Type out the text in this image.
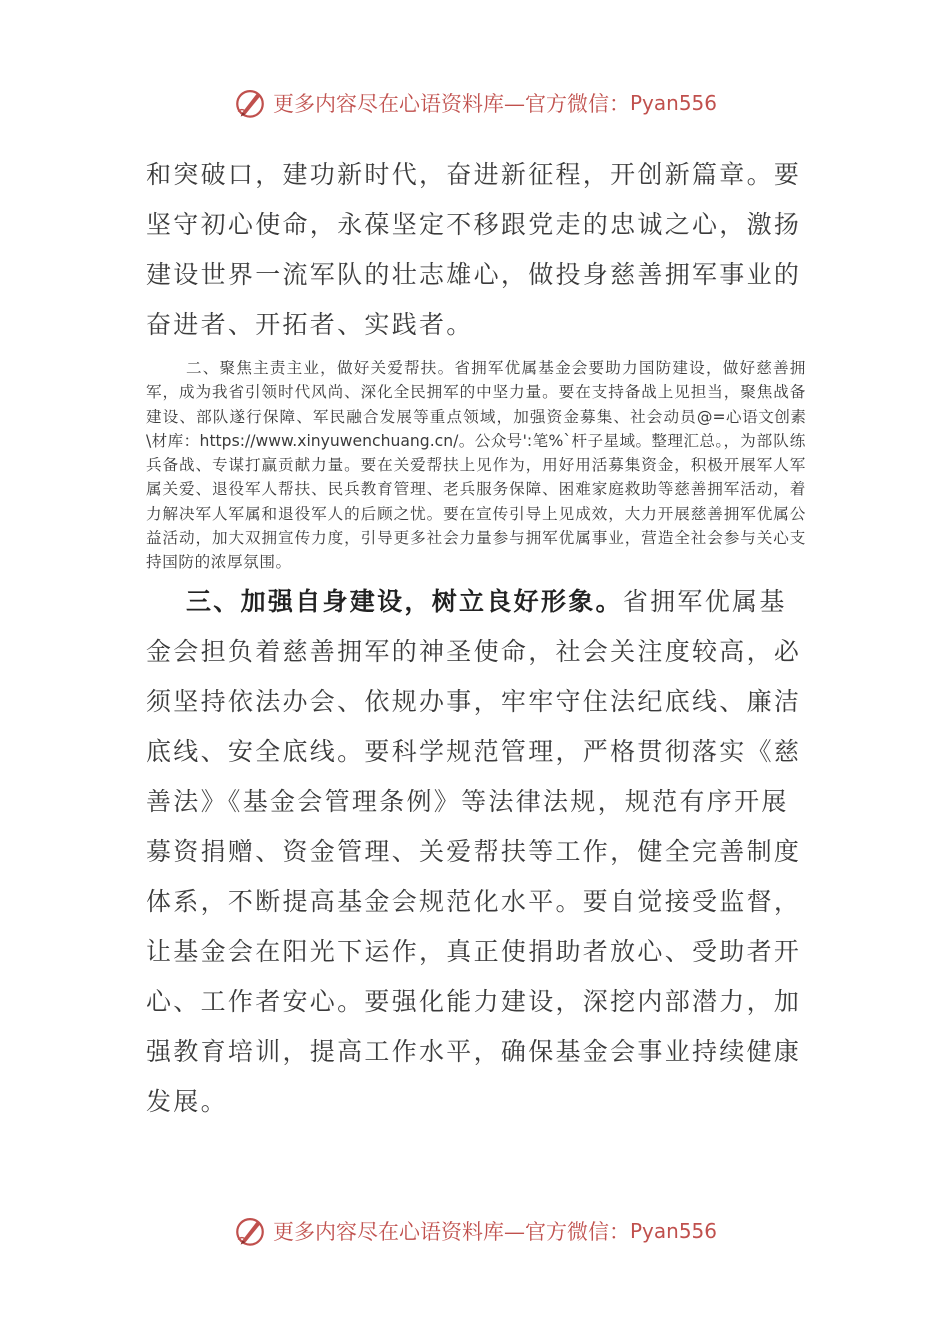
更多内容尽在心语资料库—官方微信： Pyan556

和突破口，建功新时代，奋进新征程，开创新篇章。要坚守初心使命，永葆坚定不移跟党走的忠诚之心，激扬建设世界一流军队的壮志雄心，做投身慈善拥军事业的奋进者、开拓者、实践者。

二、聚焦主责主业，做好关爱帮扶。省拥军优属基金会要助力国防建设，做好慈善拥军，成为我省引领时代风尚、深化全民拥军的中坚力量。要在支持备战上见担当，聚焦战备建设、部队遂行保障、军民融合发展等重点领域，加强资金募集、社会动员@=心语文创素\材库：https://www.xinyuwenchuang.cn/。公众号':笔%`杆子星域。整理汇总。，为部队练兵备战、专谋打赢贡献力量。要在关爱帮扶上见作为，用好用活募集资金，积极开展军人军属关爱、退役军人帮扶、民兵教育管理、老兵服务保障、困难家庭救助等慈善拥军活动，着力解决军人军属和退役军人的后顾之忧。要在宣传引导上见成效，大力开展慈善拥军优属公益活动，加大双拥宣传力度，引导更多社会力量参与拥军优属事业，营造全社会参与关心支持国防的浓厚氛围。

三、加强自身建设，树立良好形象。省拥军优属基金会担负着慈善拥军的神圣使命，社会关注度较高，必须坚持依法办会、依规办事，牢牢守住法纪底线、廉洁底线、安全底线。要科学规范管理，严格贯彻落实《慈善法》《基金会管理条例》等法律法规，规范有序开展募资捐赠、资金管理、关爱帮扶等工作，健全完善制度体系，不断提高基金会规范化水平。要自觉接受监督，让基金会在阳光下运作，真正使捐助者放心、受助者开心、工作者安心。要强化能力建设，深挖内部潜力，加强教育培训，提高工作水平，确保基金会事业持续健康发展。

更多内容尽在心语资料库—官方微信： Pyan556
